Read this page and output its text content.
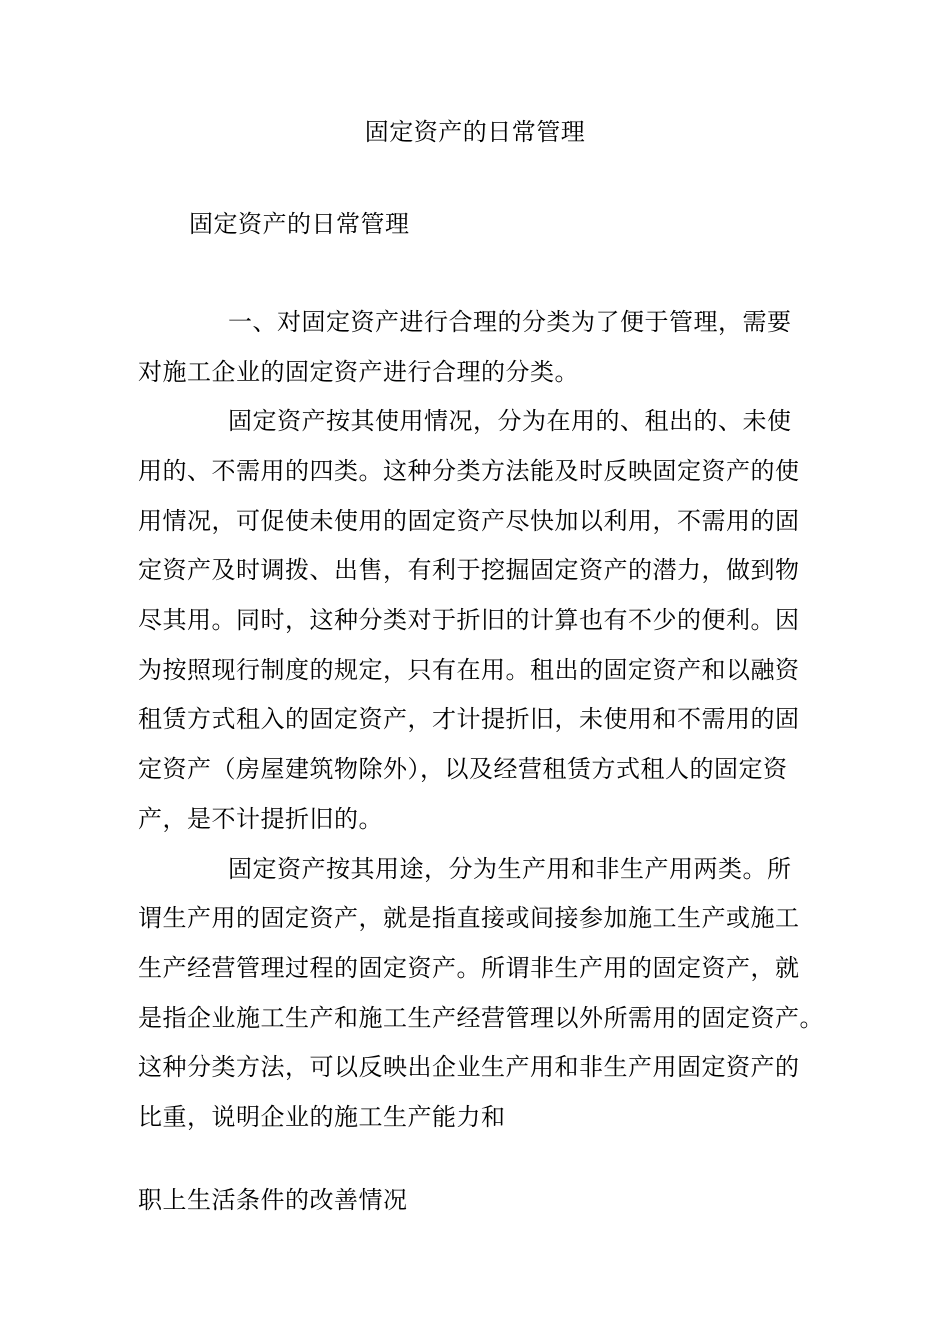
固定资产的日常管理
固定资产的日常管理
一、对固定资产进行合理的分类为了便于管理，需要
对施工企业的固定资产进行合理的分类。
固定资产按其使用情况，分为在用的、租出的、未使
用的、不需用的四类。这种分类方法能及时反映固定资产的使
用情况，可促使未使用的固定资产尽快加以利用，不需用的固
定资产及时调拨、出售，有利于挖掘固定资产的潜力，做到物
尽其用。同时，这种分类对于折旧的计算也有不少的便利。因
为按照现行制度的规定，只有在用。租出的固定资产和以融资
租赁方式租入的固定资产，才计提折旧，未使用和不需用的固
定资产（房屋建筑物除外），以及经营租赁方式租人的固定资
产，是不计提折旧的。
固定资产按其用途，分为生产用和非生产用两类。所
谓生产用的固定资产，就是指直接或间接参加施工生产或施工
生产经营管理过程的固定资产。所谓非生产用的固定资产，就
是指企业施工生产和施工生产经营管理以外所需用的固定资产。
这种分类方法，可以反映出企业生产用和非生产用固定资产的
比重，说明企业的施工生产能力和
职上生活条件的改善情况
